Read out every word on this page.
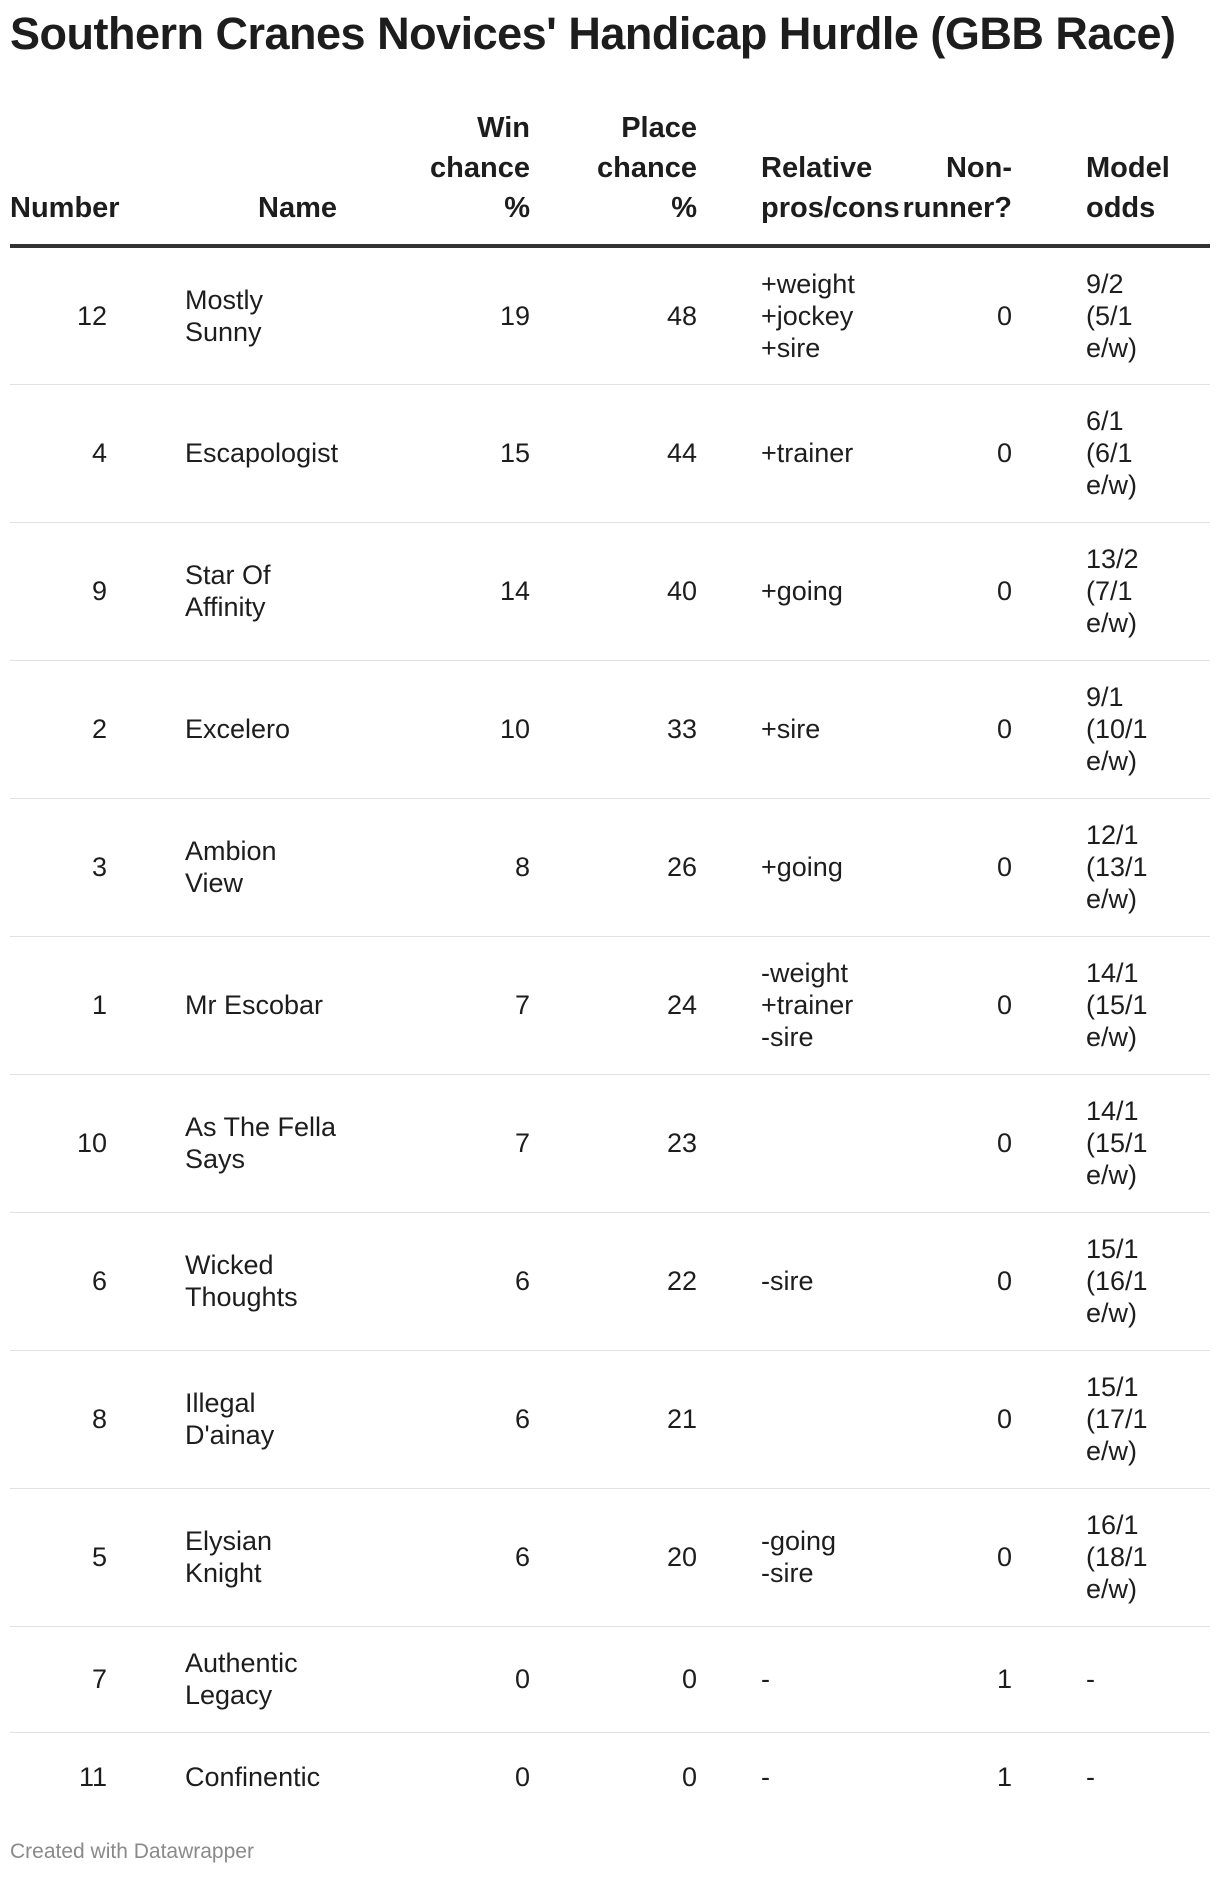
Southern Cranes Novices' Handicap Hurdle (GBB Race)
Number	Name	Win
chance
%	Place
chance
%	Relative
pros/cons	Non-
runner?	Model
odds

12	Mostly
Sunny	19	48	+weight
+jockey
+sire	0	9/2
(5/1
e/w)

4	Escapologist	15	44	+trainer	0	6/1
(6/1
e/w)

9	Star Of
Affinity	14	40	+going	0	13/2
(7/1
e/w)

2	Excelero	10	33	+sire	0	9/1
(10/1
e/w)

3	Ambion
View	8	26	+going	0	12/1
(13/1
e/w)

1	Mr Escobar	7	24	-weight
+trainer
-sire	0	14/1
(15/1
e/w)

10	As The Fella
Says	7	23		0	14/1
(15/1
e/w)

6	Wicked
Thoughts	6	22	-sire	0	15/1
(16/1
e/w)

8	Illegal
D'ainay	6	21		0	15/1
(17/1
e/w)

5	Elysian
Knight	6	20	-going
-sire	0	16/1
(18/1
e/w)

7	Authentic
Legacy	0	0	-	1	-

11	Confinentic	0	0	-	1	-
Created with Datawrapper
